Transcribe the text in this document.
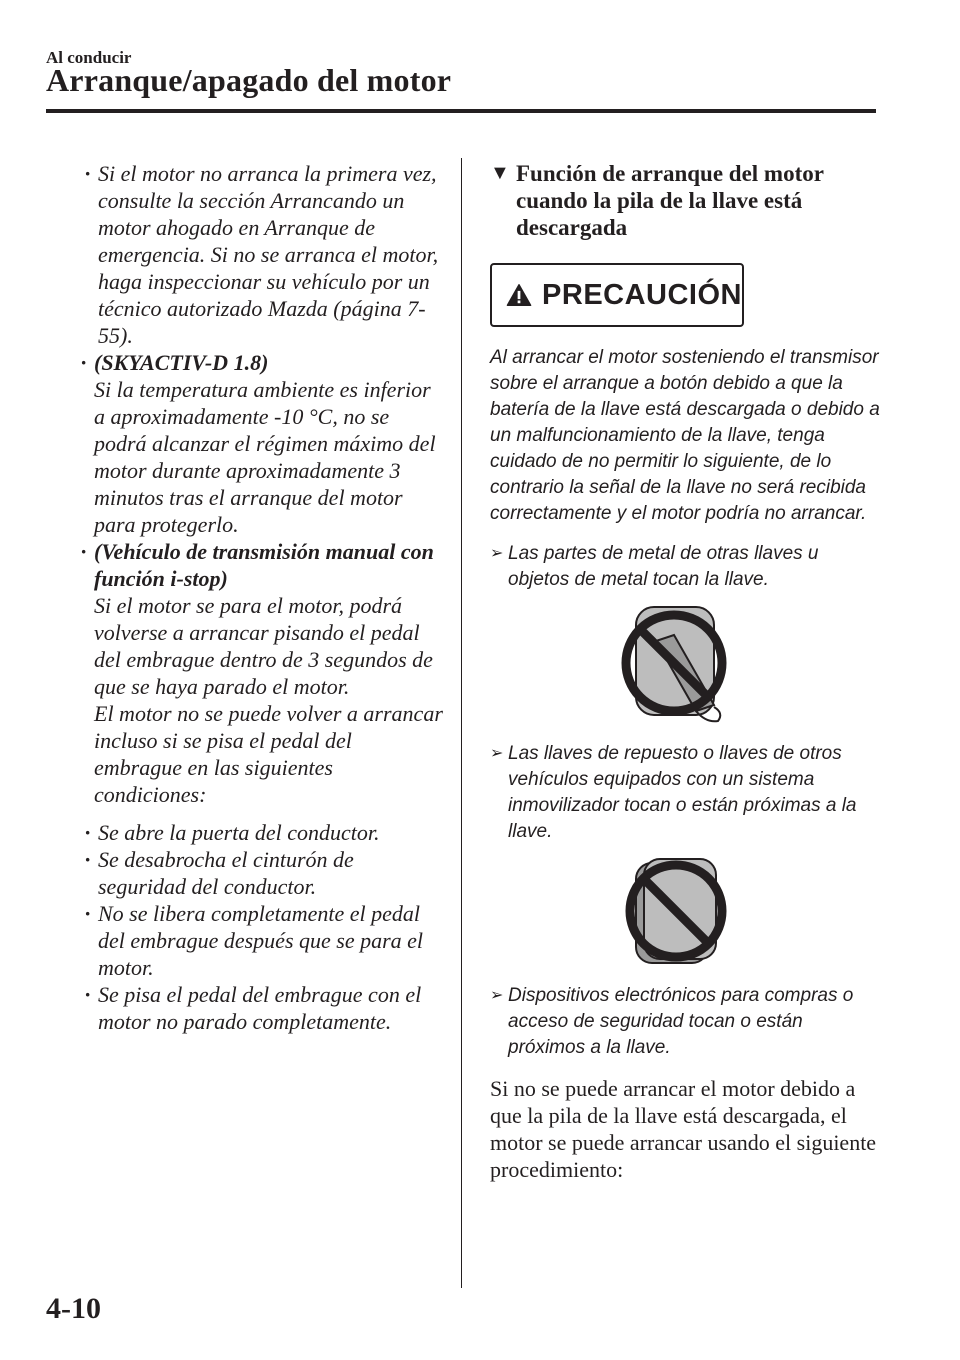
Al conducir
Arranque/apagado del motor

· Si el motor no arranca la primera vez, consulte la sección Arrancando un motor ahogado en Arranque de emergencia. Si no se arranca el motor, haga inspeccionar su vehículo por un técnico autorizado Mazda (página 7-55).

· (SKYACTIV-D 1.8)
Si la temperatura ambiente es inferior a aproximadamente -10 °C, no se podrá alcanzar el régimen máximo del motor durante aproximadamente 3 minutos tras el arranque del motor para protegerlo.

· (Vehículo de transmisión manual con función i-stop)
Si el motor se para el motor, podrá volverse a arrancar pisando el pedal del embrague dentro de 3 segundos de que se haya parado el motor.
El motor no se puede volver a arrancar incluso si se pisa el pedal del embrague en las siguientes condiciones:

· Se abre la puerta del conductor.

· Se desabrocha el cinturón de seguridad del conductor.

· No se libera completamente el pedal del embrague después que se para el motor.

· Se pisa el pedal del embrague con el motor no parado completamente.

▼ Función de arranque del motor cuando la pila de la llave está descargada
PRECAUCIÓN

Al arrancar el motor sosteniendo el transmisor sobre el arranque a botón debido a que la batería de la llave está descargada o debido a un malfuncionamiento de la llave, tenga cuidado de no permitir lo siguiente, de lo contrario la señal de la llave no será recibida correctamente y el motor podría no arrancar.

➢ Las partes de metal de otras llaves u objetos de metal tocan la llave.

➢ Las llaves de repuesto o llaves de otros vehículos equipados con un sistema inmovilizador tocan o están próximas a la llave.

➢ Dispositivos electrónicos para compras o acceso de seguridad tocan o están próximos a la llave.

Si no se puede arrancar el motor debido a que la pila de la llave está descargada, el motor se puede arrancar usando el siguiente procedimiento:

4-10
